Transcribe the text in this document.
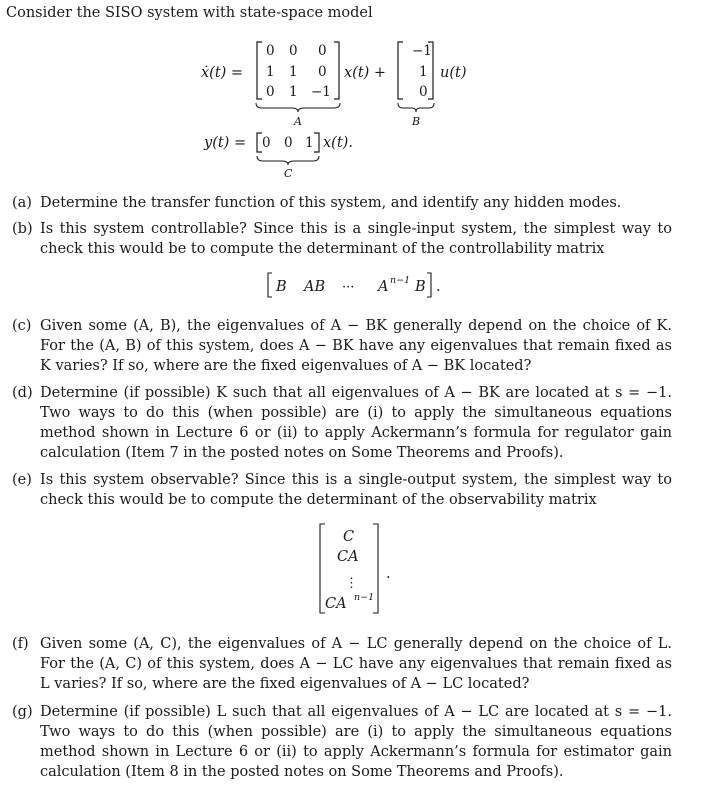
Consider the SISO system with state-space model
ẋ(t) =
0 0 0
1 1 0
0 1 −1
A
x(t) +
−1
1
0
B
u(t)
y(t) = 0 0 1
C
x(t).
(a) Determine the transfer function of this system, and identify any hidden modes.
(b) Is this system controllable? Since this is a single-input system, the simplest way to check this would be to compute the determinant of the controllability matrix
B AB ··· A n−1 B .
(c) Given some (A, B), the eigenvalues of A − BK generally depend on the choice of K. For the (A, B) of this system, does A − BK have any eigenvalues that remain fixed as K varies? If so, where are the fixed eigenvalues of A − BK located?
(d) Determine (if possible) K such that all eigenvalues of A − BK are located at s = −1. Two ways to do this (when possible) are (i) to apply the simultaneous equations method shown in Lecture 6 or (ii) to apply Ackermann’s formula for regulator gain calculation (Item 7 in the posted notes on Some Theorems and Proofs).
(e) Is this system observable? Since this is a single-output system, the simplest way to check this would be to compute the determinant of the observability matrix
C
CA
⋮
CA n−1
.
(f) Given some (A, C), the eigenvalues of A − LC generally depend on the choice of L. For the (A, C) of this system, does A − LC have any eigenvalues that remain fixed as L varies? If so, where are the fixed eigenvalues of A − LC located?
(g) Determine (if possible) L such that all eigenvalues of A − LC are located at s = −1. Two ways to do this (when possible) are (i) to apply the simultaneous equations method shown in Lecture 6 or (ii) to apply Ackermann’s formula for estimator gain calculation (Item 8 in the posted notes on Some Theorems and Proofs).
